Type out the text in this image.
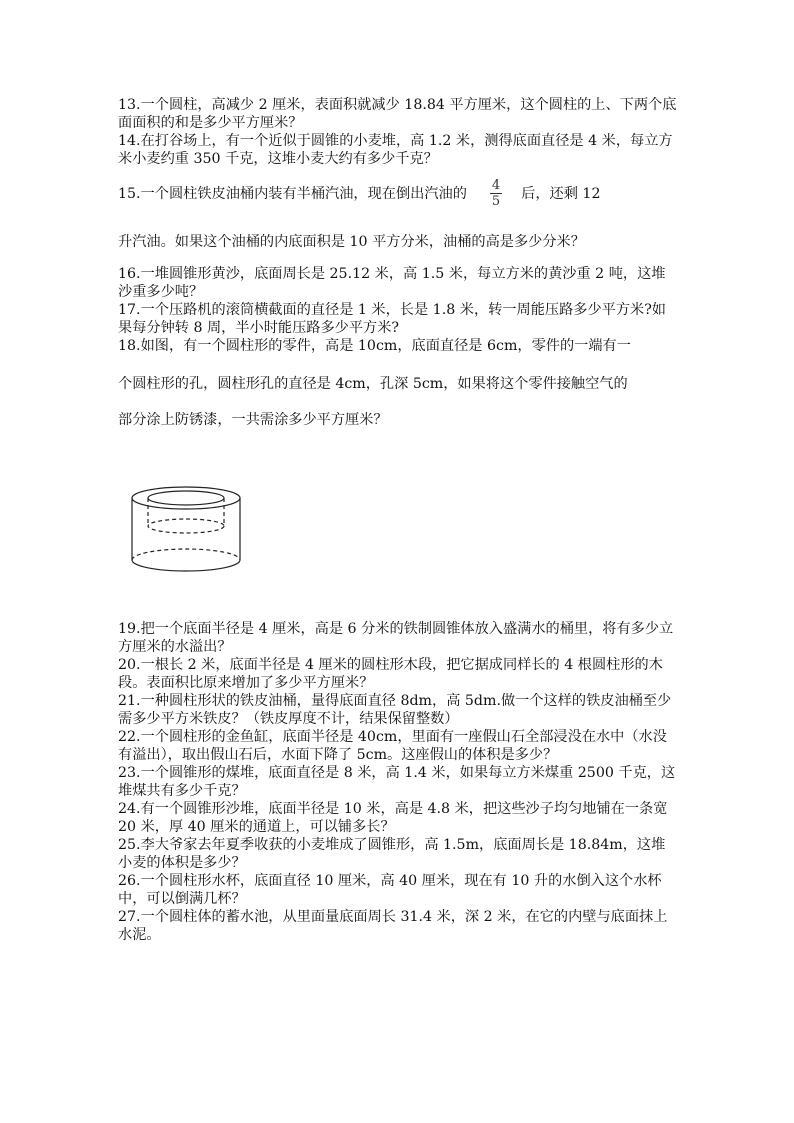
13.一个圆柱，高减少 2 厘米，表面积就减少 18.84 平方厘米，这个圆柱的上、下两个底面面积的和是多少平方厘米？

14.在打谷场上，有一个近似于圆锥的小麦堆，高 1.2 米，测得底面直径是 4 米，每立方米小麦约重 350 千克，这堆小麦大约有多少千克？

15.一个圆柱铁皮油桶内装有半桶汽油，现在倒出汽油的 $\frac{4}{5}$ 后，还剩 12
升汽油。如果这个油桶的内底面积是 10 平方分米，油桶的高是多少分米？

16.一堆圆锥形黄沙，底面周长是 25.12 米，高 1.5 米，每立方米的黄沙重 2 吨，这堆沙重多少吨？

17.一个压路机的滚筒横截面的直径是 1 米，长是 1.8 米，转一周能压路多少平方米?如果每分钟转 8 周，半小时能压路多少平方米?

18.如图，有一个圆柱形的零件，高是 10cm，底面直径是 6cm，零件的一端有一

个圆柱形的孔，圆柱形孔的直径是 4cm，孔深 5cm，如果将这个零件接触空气的

部分涂上防锈漆，一共需涂多少平方厘米？

19.把一个底面半径是 4 厘米，高是 6 分米的铁制圆锥体放入盛满水的桶里，将有多少立方厘米的水溢出？

20.一根长 2 米，底面半径是 4 厘米的圆柱形木段，把它据成同样长的 4 根圆柱形的木段。表面积比原来增加了多少平方厘米？

21.一种圆柱形状的铁皮油桶，量得底面直径 8dm，高 5dm.做一个这样的铁皮油桶至少需多少平方米铁皮？（铁皮厚度不计，结果保留整数）

22.一个圆柱形的金鱼缸，底面半径是 40cm，里面有一座假山石全部浸没在水中（水没有溢出），取出假山石后，水面下降了 5cm。这座假山的体积是多少？

23.一个圆锥形的煤堆，底面直径是 8 米，高 1.4 米，如果每立方米煤重 2500 千克，这堆煤共有多少千克？

24.有一个圆锥形沙堆，底面半径是 10 米，高是 4.8 米，把这些沙子均匀地铺在一条宽 20 米，厚 40 厘米的通道上，可以铺多长？

25.李大爷家去年夏季收获的小麦堆成了圆锥形，高 1.5m，底面周长是 18.84m，这堆小麦的体积是多少？

26.一个圆柱形水杯，底面直径 10 厘米，高 40 厘米，现在有 10 升的水倒入这个水杯中，可以倒满几杯？

27.一个圆柱体的蓄水池，从里面量底面周长 31.4 米，深 2 米，在它的内壁与底面抹上水泥。
